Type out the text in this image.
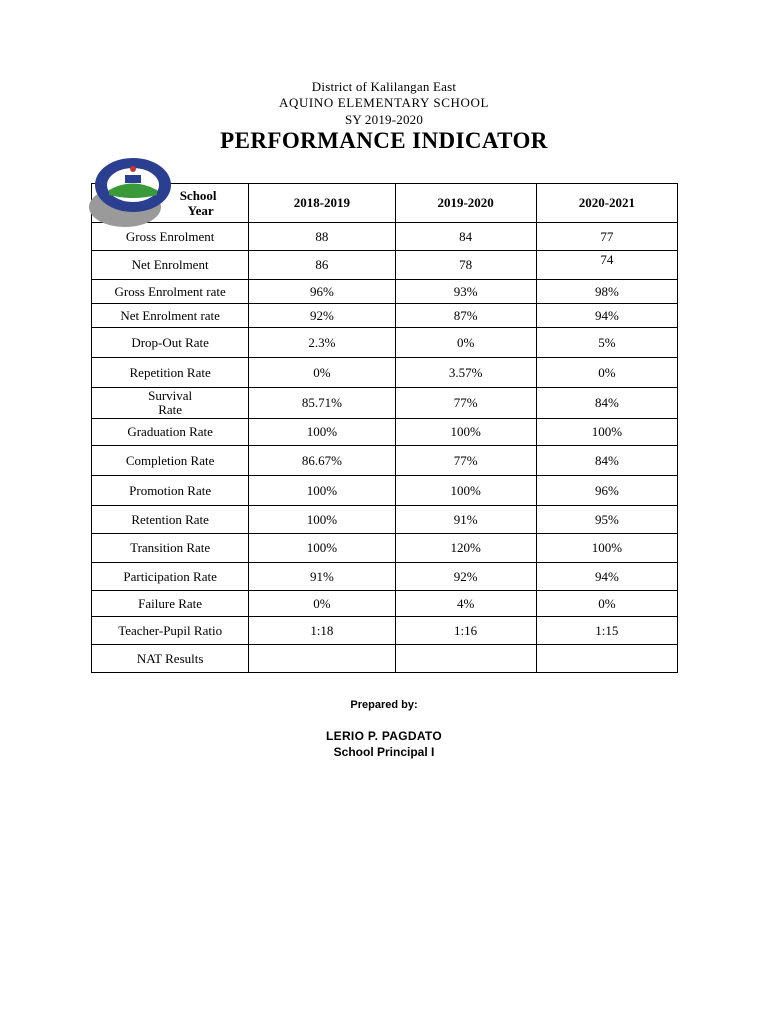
District of Kalilangan East
AQUINO ELEMENTARY SCHOOL
SY 2019-2020
PERFORMANCE INDICATOR
School
Year	2018-2019	2019-2020	2020-2021
Gross Enrolment	88	84	77
Net Enrolment	86	78	74
Gross Enrolment rate	96%	93%	98%
Net Enrolment rate	92%	87%	94%
Drop-Out Rate	2.3%	0%	5%
Repetition Rate	0%	3.57%	0%

Survival
Rate	85.71%	77%	84%
Graduation Rate	100%	100%	100%
Completion Rate	86.67%	77%	84%
Promotion Rate	100%	100%	96%
Retention Rate	100%	91%	95%
Transition Rate	100%	120%	100%
Participation Rate	91%	92%	94%
Failure Rate	0%	4%	0%
Teacher-Pupil Ratio	1:18	1:16	1:15
NAT Results			
Prepared by:
LERIO P. PAGDATO
School Principal I
